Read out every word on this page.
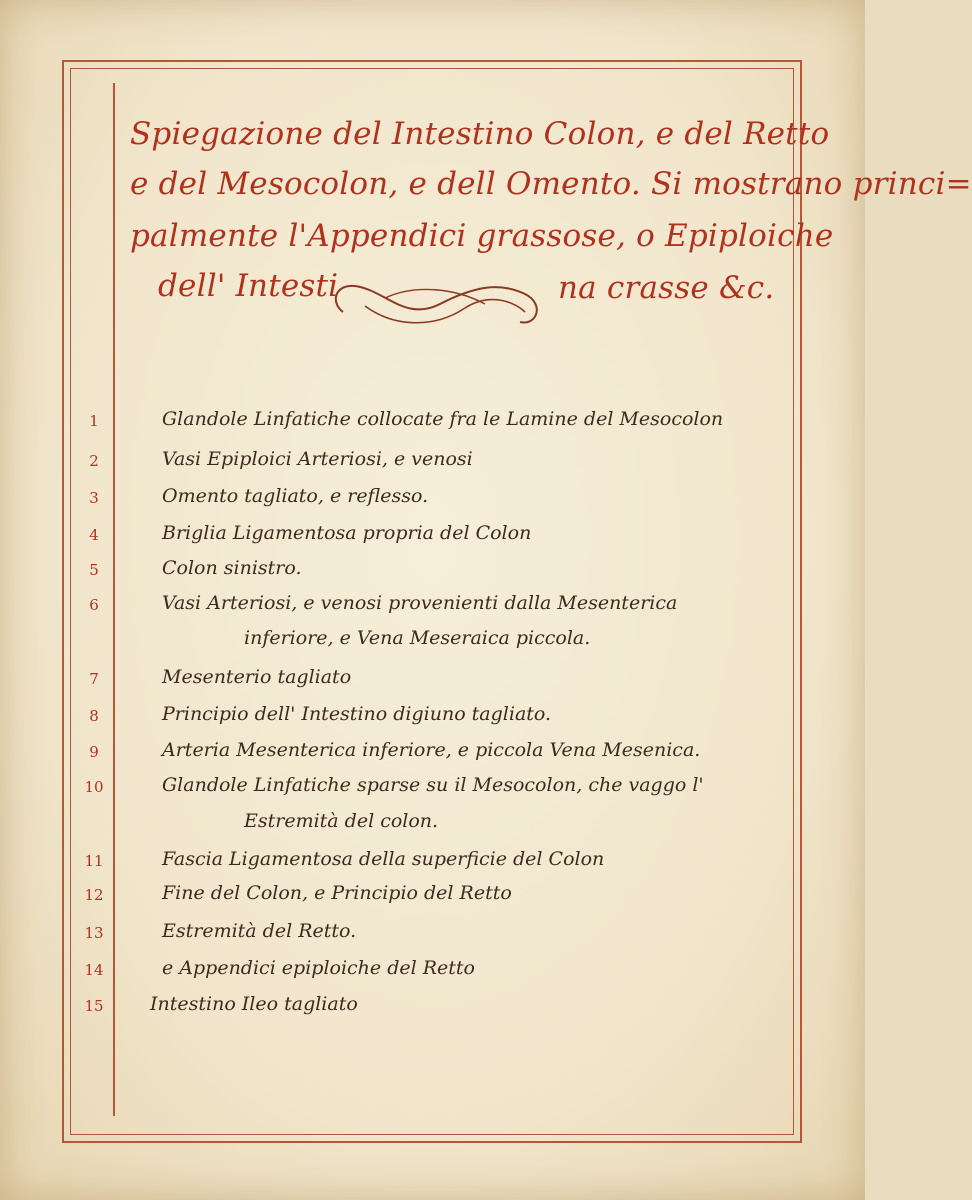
Spiegazione del Intestino Colon, e del Retto
e del Mesocolon, e dell Omento. Si mostrano princi=
palmente l'Appendici grassose, o Epiploiche
dell' Intesti	na crasse &c.
1	Glandole Linfatiche collocate fra le Lamine del Mesocolon
2	Vasi Epiploici Arteriosi, e venosi
3	Omento tagliato, e reflesso.
4	Briglia Ligamentosa propria del Colon
5	Colon sinistro.
6	Vasi Arteriosi, e venosi provenienti dalla Mesenterica
inferiore, e Vena Meseraica piccola.
7	Mesenterio tagliato
8	Principio dell' Intestino digiuno tagliato.
9	Arteria Mesenterica inferiore, e piccola Vena Mesenica.
10	Glandole Linfatiche sparse su il Mesocolon, che vaggo l'
Estremità del colon.
11	Fascia Ligamentosa della superficie del Colon
12	Fine del Colon, e Principio del Retto
13	Estremità del Retto.
14	e Appendici epiploiche del Retto
15	Intestino Ileo tagliato
